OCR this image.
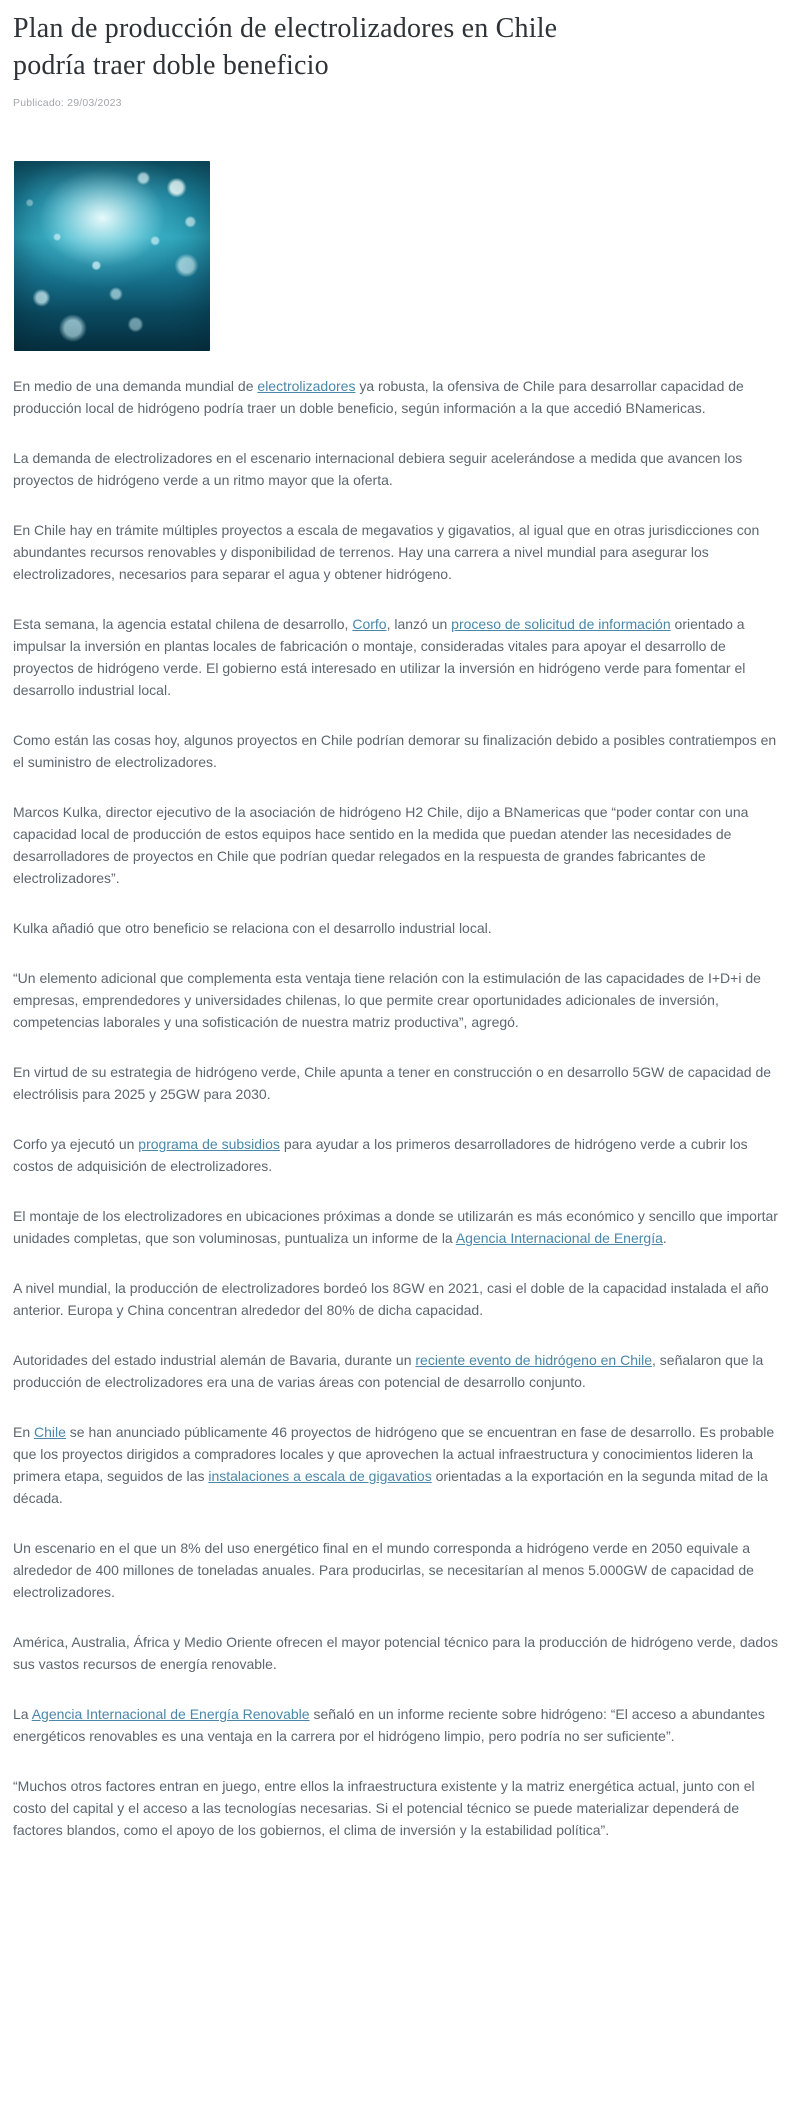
Plan de producción de electrolizadores en Chile podría traer doble beneficio
Publicado: 29/03/2023

En medio de una demanda mundial de electrolizadores ya robusta, la ofensiva de Chile para desarrollar capacidad de producción local de hidrógeno podría traer un doble beneficio, según información a la que accedió BNamericas.

La demanda de electrolizadores en el escenario internacional debiera seguir acelerándose a medida que avancen los proyectos de hidrógeno verde a un ritmo mayor que la oferta.

En Chile hay en trámite múltiples proyectos a escala de megavatios y gigavatios, al igual que en otras jurisdicciones con abundantes recursos renovables y disponibilidad de terrenos. Hay una carrera a nivel mundial para asegurar los electrolizadores, necesarios para separar el agua y obtener hidrógeno.

Esta semana, la agencia estatal chilena de desarrollo, Corfo, lanzó un proceso de solicitud de información orientado a impulsar la inversión en plantas locales de fabricación o montaje, consideradas vitales para apoyar el desarrollo de proyectos de hidrógeno verde. El gobierno está interesado en utilizar la inversión en hidrógeno verde para fomentar el desarrollo industrial local.

Como están las cosas hoy, algunos proyectos en Chile podrían demorar su finalización debido a posibles contratiempos en el suministro de electrolizadores.

Marcos Kulka, director ejecutivo de la asociación de hidrógeno H2 Chile, dijo a BNamericas que “poder contar con una capacidad local de producción de estos equipos hace sentido en la medida que puedan atender las necesidades de desarrolladores de proyectos en Chile que podrían quedar relegados en la respuesta de grandes fabricantes de electrolizadores”.

Kulka añadió que otro beneficio se relaciona con el desarrollo industrial local.

“Un elemento adicional que complementa esta ventaja tiene relación con la estimulación de las capacidades de I+D+i de empresas, emprendedores y universidades chilenas, lo que permite crear oportunidades adicionales de inversión, competencias laborales y una sofisticación de nuestra matriz productiva”, agregó.

En virtud de su estrategia de hidrógeno verde, Chile apunta a tener en construcción o en desarrollo 5GW de capacidad de electrólisis para 2025 y 25GW para 2030.

Corfo ya ejecutó un programa de subsidios para ayudar a los primeros desarrolladores de hidrógeno verde a cubrir los costos de adquisición de electrolizadores.

El montaje de los electrolizadores en ubicaciones próximas a donde se utilizarán es más económico y sencillo que importar unidades completas, que son voluminosas, puntualiza un informe de la Agencia Internacional de Energía.

A nivel mundial, la producción de electrolizadores bordeó los 8GW en 2021, casi el doble de la capacidad instalada el año anterior. Europa y China concentran alrededor del 80% de dicha capacidad.

Autoridades del estado industrial alemán de Bavaria, durante un reciente evento de hidrógeno en Chile, señalaron que la producción de electrolizadores era una de varias áreas con potencial de desarrollo conjunto.

En Chile se han anunciado públicamente 46 proyectos de hidrógeno que se encuentran en fase de desarrollo. Es probable que los proyectos dirigidos a compradores locales y que aprovechen la actual infraestructura y conocimientos lideren la primera etapa, seguidos de las instalaciones a escala de gigavatios orientadas a la exportación en la segunda mitad de la década.

Un escenario en el que un 8% del uso energético final en el mundo corresponda a hidrógeno verde en 2050 equivale a alrededor de 400 millones de toneladas anuales. Para producirlas, se necesitarían al menos 5.000GW de capacidad de electrolizadores.

América, Australia, África y Medio Oriente ofrecen el mayor potencial técnico para la producción de hidrógeno verde, dados sus vastos recursos de energía renovable.

La Agencia Internacional de Energía Renovable señaló en un informe reciente sobre hidrógeno: “El acceso a abundantes energéticos renovables es una ventaja en la carrera por el hidrógeno limpio, pero podría no ser suficiente”.

“Muchos otros factores entran en juego, entre ellos la infraestructura existente y la matriz energética actual, junto con el costo del capital y el acceso a las tecnologías necesarias. Si el potencial técnico se puede materializar dependerá de factores blandos, como el apoyo de los gobiernos, el clima de inversión y la estabilidad política”.
